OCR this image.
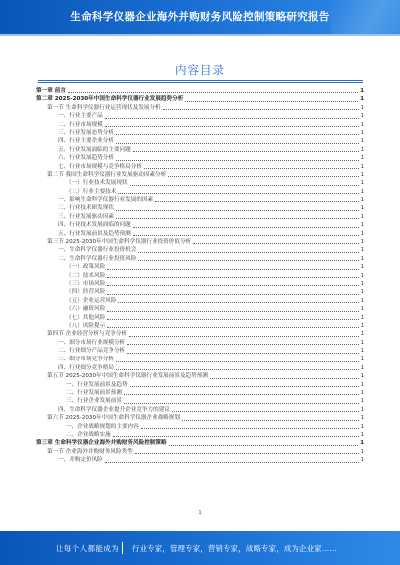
生命科学仪器企业海外并购财务风险控制策略研究报告
内容目录
第一章 前言	1
第二章 2025-2030年中国生命科学仪器行业发展趋势分析	1
第一节 生命科学仪器行业运营现状及发展分析	1
一、行业主要产品	1
二、行业市场规模	1
三、行业发展态势分析	1
四、行业主要企业分析	1
五、行业发展面临的主要问题	1
六、行业发展趋势分析	1
七、行业市场规模与竞争格局分析	1
第二节 我国生命科学仪器行业发展驱动因素分析	1
（一）行业技术发展现状	1
（二）行业主要技术	1
一、影响生命科学仪器行业发展的因素	1
二、行业技术研发现状	1
三、行业发展驱动因素	1
四、行业技术发展面临的问题	1
五、行业发展前景及趋势预测	1
第三节 2025-2030年中国生命科学仪器行业投资价值分析	1
一、生命科学仪器行业投资机会	1
二、生命科学仪器行业投资风险	1
（一）政策风险	1
（二）技术风险	1
（三）市场风险	1
（四）经营风险	1
（五）企业运营风险	1
（六）融资风险	1
（七）其他风险	1
（八）风险提示	1
第四节 企业经营分析与竞争分析	1
一、细分市场行业规模分析	1
二、行业细分产品竞争分析	1
三、细分市场竞争分析	1
四、行业细分竞争格局	1
第五节 2025-2030年中国生命科学仪器行业发展前景及趋势预测	1
一、行业发展前景及趋势	1
二、行业发展前景预测	1
三、行业企业发展前景	1
四、生命科学仪器企业提升企业竞争力的建议	1
第六节 2025-2030年中国生命科学仪器企业战略规划	1
一、企业战略规划的主要内容	1
二、企业战略实施	1
第三章 生命科学仪器企业海外并购财务风险控制策略	1
第一节 企业海外并购财务风险类型	1
一、并购定价风险	1
1
让每个人都能成为 行业专家，管理专家，营销专家，战略专家，成为企业家……
